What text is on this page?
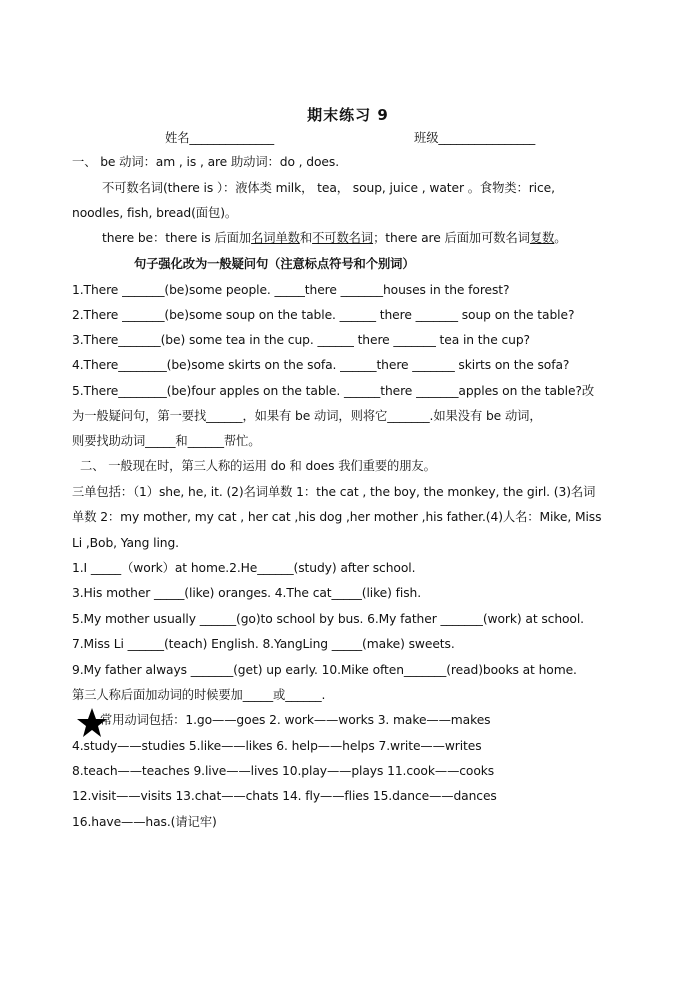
期末练习 9
姓名______________	班级________________
一、 be 动词：am , is , are 助动词：do , does.
不可数名词(there is ）：液体类 milk， tea， soup, juice , water 。食物类：rice,
noodles, fish, bread(面包)。
there be：there is 后面加名词单数和不可数名词；there are 后面加可数名词复数。
句子强化改为一般疑问句（注意标点符号和个别词）
1.There _______(be)some people. _____there _______houses in the forest?
2.There _______(be)some soup on the table. ______ there _______ soup on the table?
3.There_______(be) some tea in the cup. ______ there _______ tea in the cup?
4.There________(be)some skirts on the sofa. ______there _______ skirts on the sofa?
5.There________(be)four apples on the table. ______there _______apples on the table?改
为一般疑问句，第一要找______，如果有 be 动词，则将它_______.如果没有 be 动词，
则要找助动词_____和______帮忙。
二、 一般现在时，第三人称的运用 do 和 does 我们重要的朋友。
三单包括：（1）she, he, it. (2)名词单数 1：the cat , the boy, the monkey, the girl. (3)名词
单数 2：my mother, my cat , her cat ,his dog ,her mother ,his father.(4)人名：Mike, Miss
Li ,Bob, Yang ling.
1.I _____（work）at home.2.He______(study) after school.
3.His mother _____(like) oranges. 4.The cat_____(like) fish.
5.My mother usually ______(go)to school by bus. 6.My father _______(work) at school.
7.Miss Li ______(teach) English. 8.YangLing _____(make) sweets.
9.My father always _______(get) up early. 10.Mike often_______(read)books at home.
第三人称后面加动词的时候要加_____或______.
常用动词包括：1.go——goes 2. work——works 3. make——makes
4.study——studies 5.like——likes 6. help——helps 7.write——writes
8.teach——teaches 9.live——lives 10.play——plays 11.cook——cooks
12.visit——visits 13.chat——chats 14. fly——flies 15.dance——dances
16.have——has.(请记牢)
